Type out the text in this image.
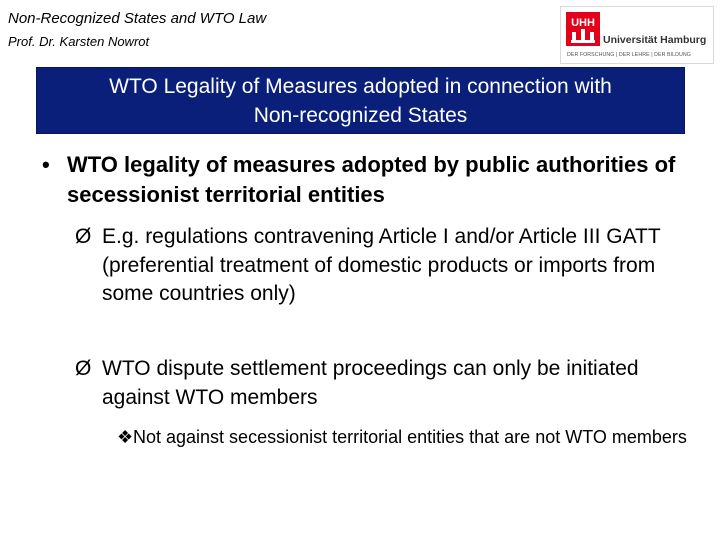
Non-Recognized States and WTO Law
Prof. Dr. Karsten Nowrot
UHH
Universität Hamburg
DER FORSCHUNG | DER LEHRE | DER BILDUNG
WTO Legality of Measures adopted in connection with
Non-recognized States
• WTO legality of measures adopted by public authorities of secessionist territorial entities
Ø E.g. regulations contravening Article I and/or Article III GATT (preferential treatment of domestic products or imports from some countries only)
Ø WTO dispute settlement proceedings can only be initiated against WTO members
❖ Not against secessionist territorial entities that are not WTO members
